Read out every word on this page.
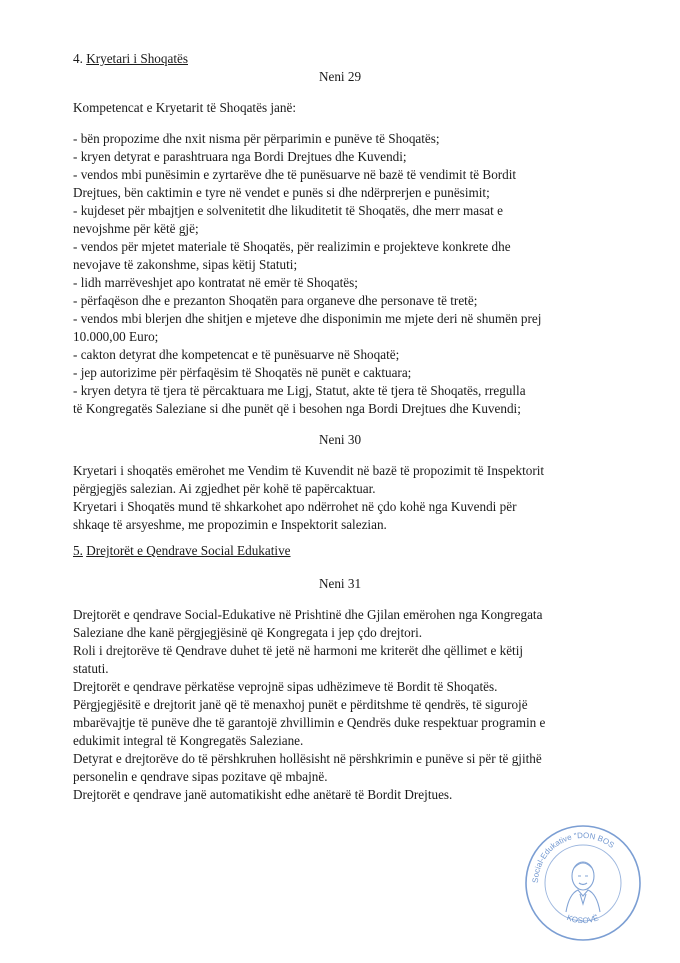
4. Kryetari i Shoqatës
Neni 29
Kompetencat e Kryetarit të Shoqatës janë:
- bën propozime dhe nxit nisma për përparimin e punëve të Shoqatës;
- kryen detyrat e parashtruara nga Bordi Drejtues dhe Kuvendi;
- vendos mbi punësimin e zyrtarëve dhe të punësuarve në bazë të vendimit të Bordit
Drejtues, bën caktimin e tyre në vendet e punës si dhe ndërprerjen e punësimit;
- kujdeset për mbajtjen e solvenitetit dhe likuditetit të Shoqatës, dhe merr masat e
nevojshme për këtë gjë;
- vendos për mjetet materiale të Shoqatës, për realizimin e projekteve konkrete dhe
nevojave të zakonshme, sipas këtij Statuti;
- lidh marrëveshjet apo kontratat në emër të Shoqatës;
- përfaqëson dhe e prezanton Shoqatën para organeve dhe personave të tretë;
- vendos mbi blerjen dhe shitjen e mjeteve dhe disponimin me mjete deri në shumën prej
10.000,00 Euro;
- cakton detyrat dhe kompetencat e të punësuarve në Shoqatë;
- jep autorizime për përfaqësim të Shoqatës në punët e caktuara;
- kryen detyra të tjera të përcaktuara me Ligj, Statut, akte të tjera të Shoqatës, rregulla
të Kongregatës Saleziane si dhe punët që i besohen nga Bordi Drejtues dhe Kuvendi;
Neni 30
Kryetari i shoqatës emërohet me Vendim të Kuvendit në bazë të propozimit të Inspektorit
përgjegjës salezian. Ai zgjedhet për kohë të papërcaktuar.
Kryetari i Shoqatës mund të shkarkohet apo ndërrohet në çdo kohë nga Kuvendi për
shkaqe të arsyeshme, me propozimin e Inspektorit salezian.
5. Drejtorët e Qendrave Social Edukative
Neni 31
Drejtorët e qendrave Social-Edukative në Prishtinë dhe Gjilan emërohen nga Kongregata
Saleziane dhe kanë përgjegjësinë që Kongregata i jep çdo drejtori.
Roli i drejtorëve të Qendrave duhet të jetë në harmoni me kriterët dhe qëllimet e këtij
statuti.
Drejtorët e qendrave përkatëse veprojnë sipas udhëzimeve të Bordit të Shoqatës.
Përgjegjësitë e drejtorit janë që të menaxhoj punët e përditshme të qendrës, të sigurojë
mbarëvajtje të punëve dhe të garantojë zhvillimin e Qendrës duke respektuar programin e
edukimit integral të Kongregatës Saleziane.
Detyrat e drejtorëve do të përshkruhen hollësisht në përshkrimin e punëve si për të gjithë
personelin e qendrave sipas pozitave që mbajnë.
Drejtorët e qendrave janë automatikisht edhe anëtarë të Bordit Drejtues.
Social-Edukative "DON BOS
KOSOVË
